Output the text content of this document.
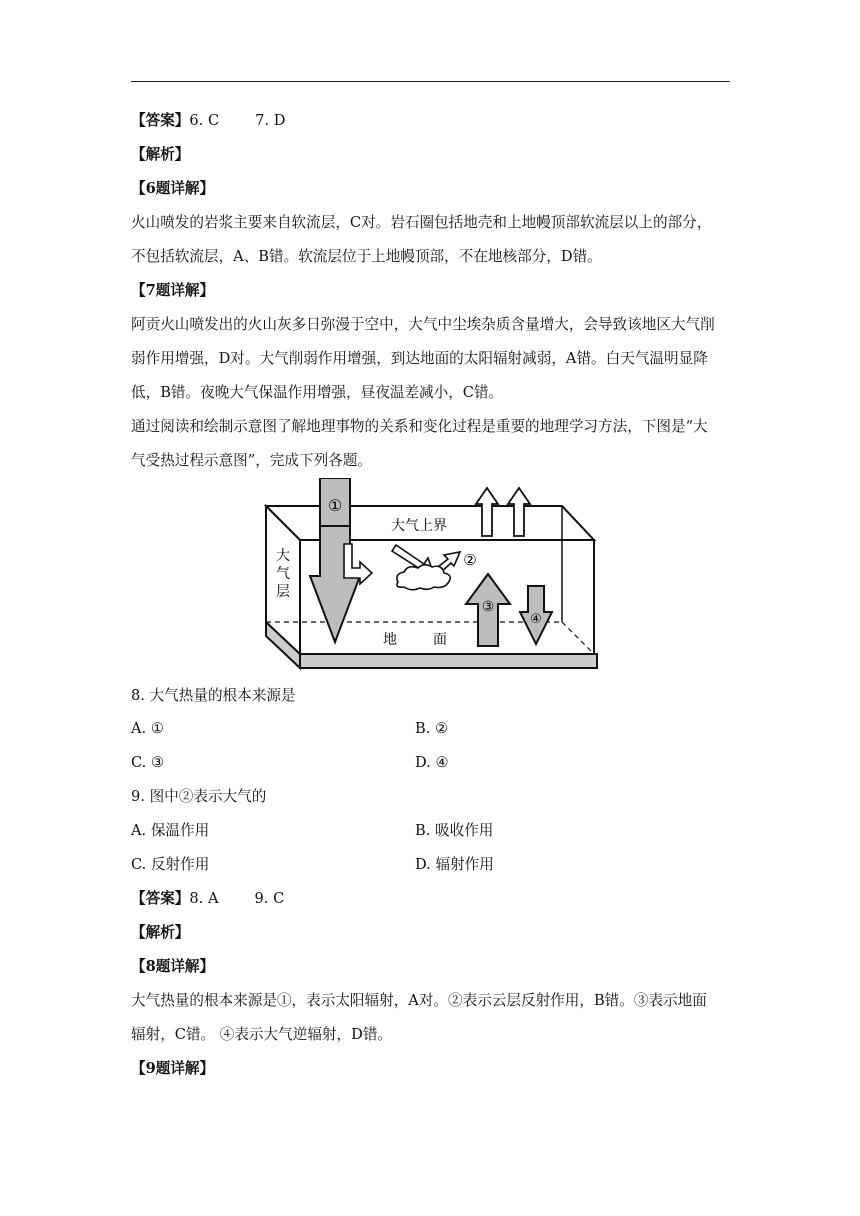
【答案】6. C 7. D
【解析】
【6题详解】
火山喷发的岩浆主要来自软流层，C对。岩石圈包括地壳和上地幔顶部软流层以上的部分，
不包括软流层，A、B错。软流层位于上地幔顶部，不在地核部分，D错。
【7题详解】
阿贡火山喷发出的火山灰多日弥漫于空中，大气中尘埃杂质含量增大，会导致该地区大气削
弱作用增强，D对。大气削弱作用增强，到达地面的太阳辐射减弱，A错。白天气温明显降
低，B错。夜晚大气保温作用增强，昼夜温差减小，C错。
通过阅读和绘制示意图了解地理事物的关系和变化过程是重要的地理学习方法，下图是“大
气受热过程示意图”，完成下列各题。
①
②
③
④
大气上界
大
气
层
地	面
8. 大气热量的根本来源是
A. ①	B. ②
C. ③	D. ④
9. 图中②表示大气的
A. 保温作用	B. 吸收作用
C. 反射作用	D. 辐射作用
【答案】8. A 9. C
【解析】
【8题详解】
大气热量的根本来源是①，表示太阳辐射，A对。②表示云层反射作用，B错。③表示地面
辐射，C错。 ④表示大气逆辐射，D错。
【9题详解】
